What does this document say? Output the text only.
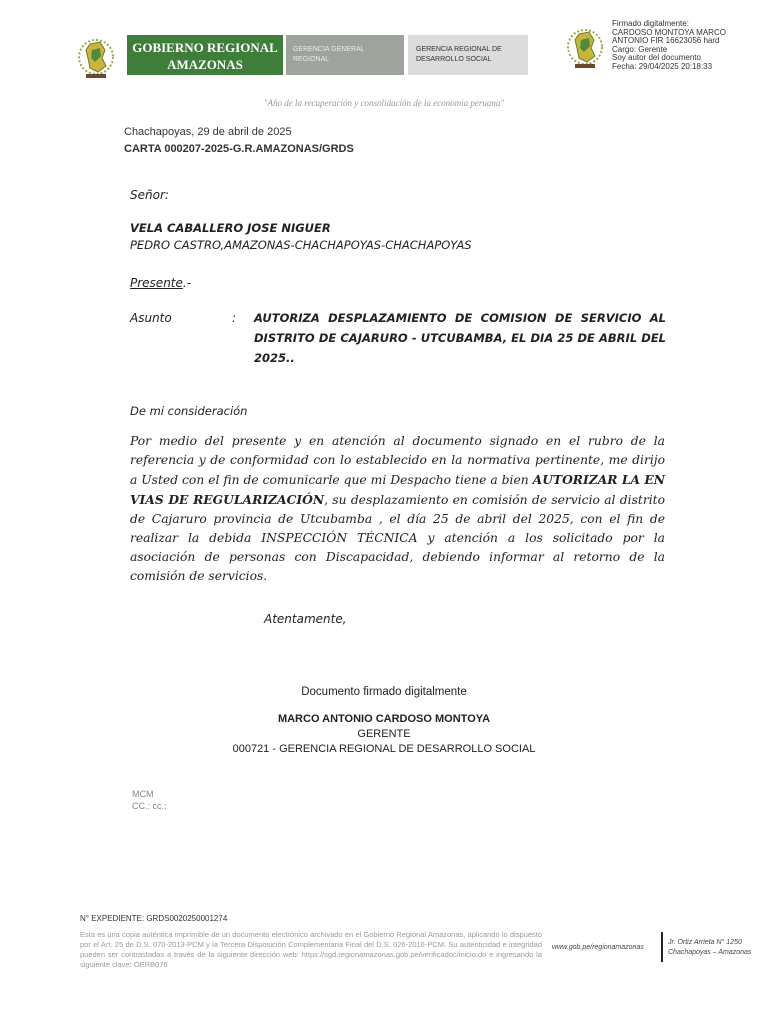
GOBIERNO REGIONAL
AMAZONAS
GERENCIA GENERAL
REGIONAL
GERENCIA REGIONAL DE
DESARROLLO SOCIAL
Firmado digitalmente:
CARDOSO MONTOYA MARCO
ANTONIO FIR 16623056 hard
Cargo: Gerente
Soy autor del documento
Fecha: 29/04/2025 20:18:33
"Año de la recuperación y consolidación de la economía peruana"
Chachapoyas, 29 de abril de 2025
CARTA 000207-2025-G.R.AMAZONAS/GRDS
Señor:
VELA CABALLERO JOSE NIGUER
PEDRO CASTRO,AMAZONAS-CHACHAPOYAS-CHACHAPOYAS
Presente.-
Asunto	: AUTORIZA DESPLAZAMIENTO DE COMISION DE SERVICIO AL DISTRITO DE CAJARURO - UTCUBAMBA, EL DIA 25 DE ABRIL DEL 2025..
De mi consideración
Por medio del presente y en atención al documento signado en el rubro de la referencia y de conformidad con lo establecido en la normativa pertinente, me dirijo a Usted con el fin de comunicarle que mi Despacho tiene a bien AUTORIZAR LA EN VIAS DE REGULARIZACIÓN, su desplazamiento en comisión de servicio al distrito de Cajaruro provincia de Utcubamba , el día 25 de abril del 2025, con el fin de realizar la debida INSPECCIÓN TÉCNICA y atención a los solicitado por la asociación de personas con Discapacidad, debiendo informar al retorno de la comisión de servicios.
Atentamente,
Documento firmado digitalmente
MARCO ANTONIO CARDOSO MONTOYA
GERENTE
000721 - GERENCIA REGIONAL DE DESARROLLO SOCIAL
MCM
CC.: cc.:
N° EXPEDIENTE: GRDS0020250001274
Esta es una copia auténtica imprimible de un documento electrónico archivado en el Gobierno Regional Amazonas, aplicando lo dispuesto por el Art. 25 de D.S. 070-2013-PCM y la Tercera Disposición Complementaria Final del D.S. 026-2016-PCM. Su autenticidad e integridad pueden ser contrastadas a través de la siguiente dirección web: https://sgd.regionamazonas.gob.pe/verificadoc/inicio.do e ingresando la siguiente clave: OERB076
www.gob.pe/regionamazonas
Jr. Ortiz Arrieta N° 1250
Chachapoyas – Amazonas
